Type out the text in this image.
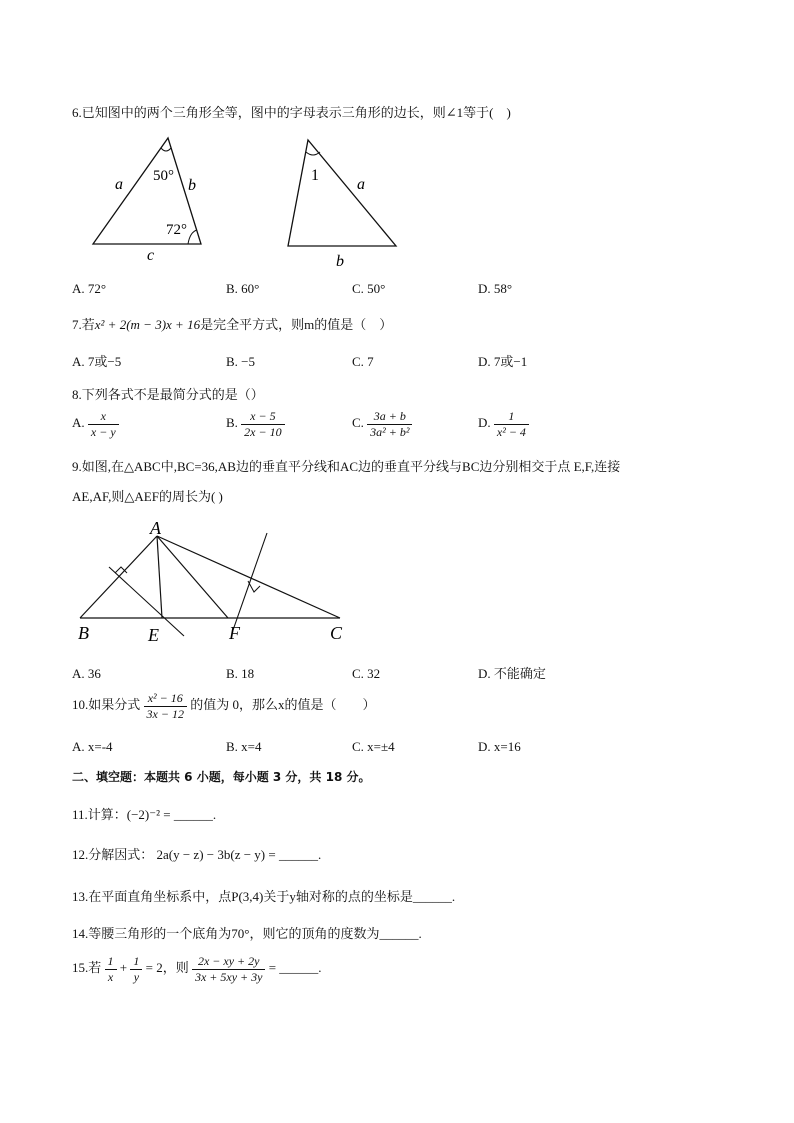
6.已知图中的两个三角形全等，图中的字母表示三角形的边长，则∠1等于(　)
a	b
c
50°
72°
1
a
b
A. 72°	B. 60°	C. 50°	D. 58°
7.若x² + 2(m − 3)x + 16是完全平方式，则m的值是（　）
A. 7或−5	B. −5	C. 7	D. 7或−1
8.下列各式不是最简分式的是（）
A. $\frac{x}{x - y}$	B. $\frac{x - 5}{2x - 10}$	C. $\frac{3a + b}{\text{3a² + b²}}$	D. $\frac{1}{\text{x² − 4}}$
9.如图,在△ABC中,BC=36,AB边的垂直平分线和AC边的垂直平分线与BC边分别相交于点 E,F,连接
AE,AF,则△AEF的周长为( )
A
B	E	F	C
A. 36	B. 18	C. 32	D. 不能确定
10.如果分式 $\frac{\text{x² − 16}}{3x - 12}$ 的值为 0，那么x的值是（　　）
A. x=-4	B. x=4	C. x=±4	D. x=16
二、填空题：本题共 6 小题，每小题 3 分，共 18 分。
11.计算：(−2)⁻² = ______.
12.分解因式： 2a(y − z) − 3b(z − y) = ______.
13.在平面直角坐标系中，点P(3,4)关于y轴对称的点的坐标是______.
14.等腰三角形的一个底角为70°，则它的顶角的度数为______.
15.若 $\frac{1}{x} + \frac{1}{y} = 2$，则 $\frac{2x - xy + 2y}{3x + 5xy + 3y}$ = ______.
